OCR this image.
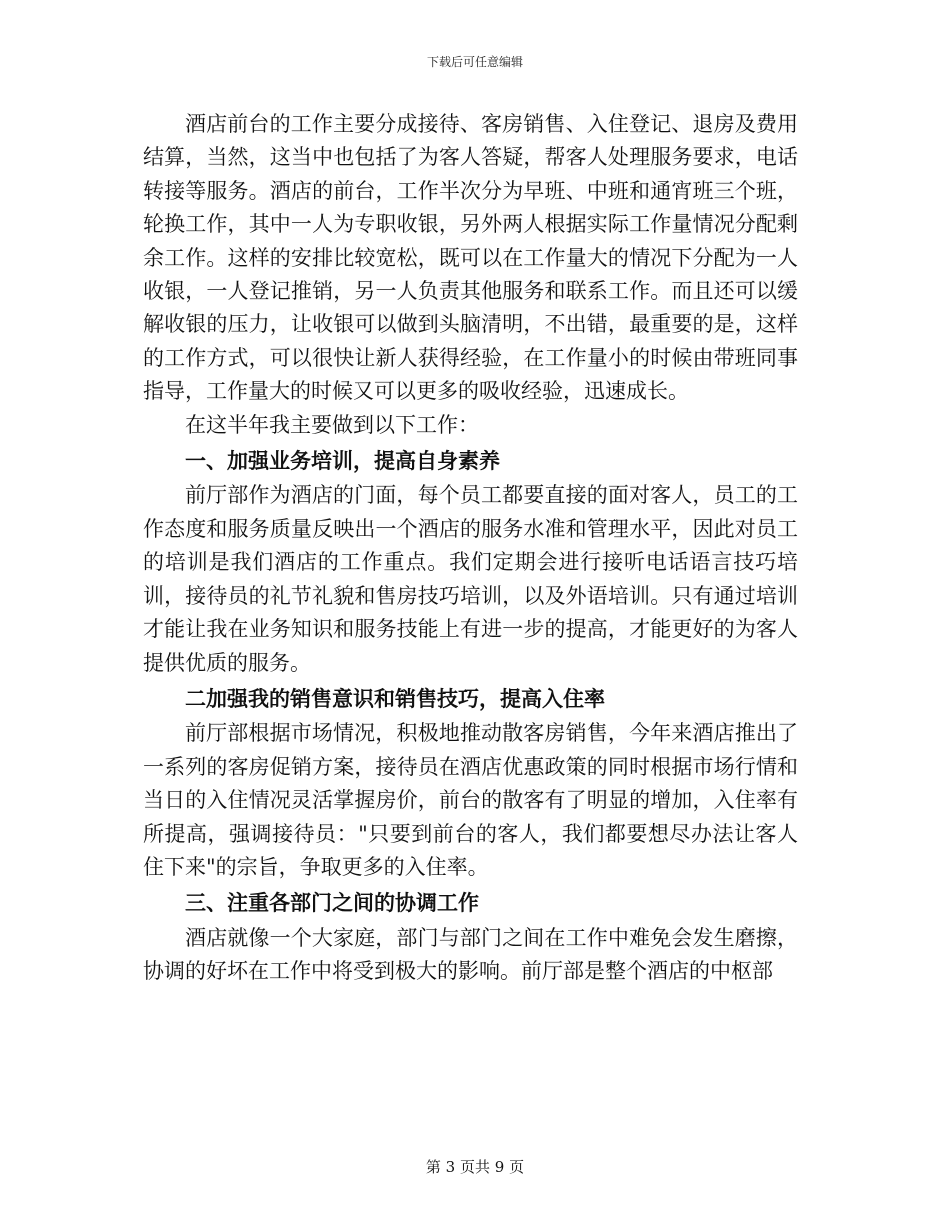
下载后可任意编辑

酒店前台的工作主要分成接待、客房销售、入住登记、退房及费用结算，当然，这当中也包括了为客人答疑，帮客人处理服务要求，电话转接等服务。酒店的前台，工作半次分为早班、中班和通宵班三个班，轮换工作，其中一人为专职收银，另外两人根据实际工作量情况分配剩余工作。这样的安排比较宽松，既可以在工作量大的情况下分配为一人收银，一人登记推销，另一人负责其他服务和联系工作。而且还可以缓解收银的压力，让收银可以做到头脑清明，不出错，最重要的是，这样的工作方式，可以很快让新人获得经验，在工作量小的时候由带班同事指导，工作量大的时候又可以更多的吸收经验，迅速成长。

在这半年我主要做到以下工作：

一、加强业务培训，提高自身素养

前厅部作为酒店的门面，每个员工都要直接的面对客人，员工的工作态度和服务质量反映出一个酒店的服务水准和管理水平，因此对员工的培训是我们酒店的工作重点。我们定期会进行接听电话语言技巧培训，接待员的礼节礼貌和售房技巧培训，以及外语培训。只有通过培训才能让我在业务知识和服务技能上有进一步的提高，才能更好的为客人提供优质的服务。

二加强我的销售意识和销售技巧，提高入住率

前厅部根据市场情况，积极地推动散客房销售，今年来酒店推出了一系列的客房促销方案，接待员在酒店优惠政策的同时根据市场行情和当日的入住情况灵活掌握房价，前台的散客有了明显的增加，入住率有所提高，强调接待员："只要到前台的客人，我们都要想尽办法让客人住下来"的宗旨，争取更多的入住率。

三、注重各部门之间的协调工作

酒店就像一个大家庭，部门与部门之间在工作中难免会发生磨擦，协调的好坏在工作中将受到极大的影响。前厅部是整个酒店的中枢部

第 3 页共 9 页
